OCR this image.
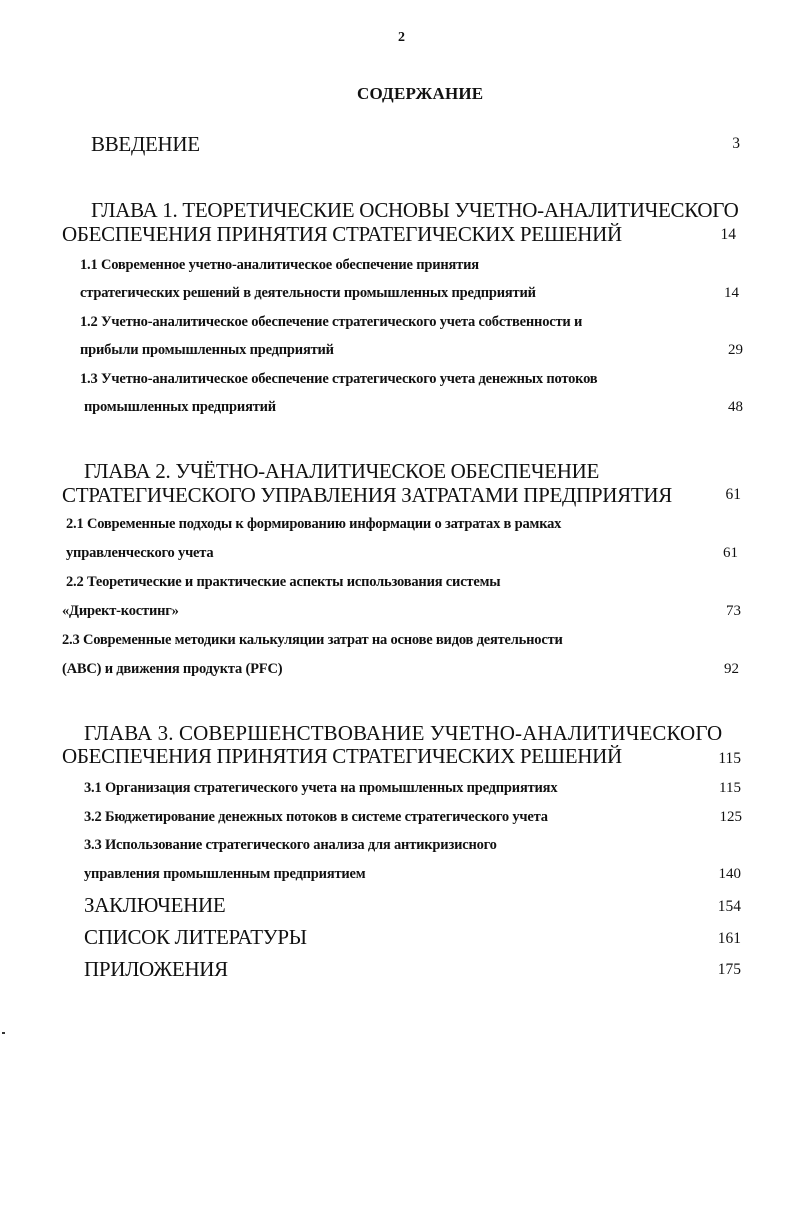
2
СОДЕРЖАНИЕ
ВВЕДЕНИЕ	3
ГЛАВА 1. ТЕОРЕТИЧЕСКИЕ ОСНОВЫ УЧЕТНО-АНАЛИТИЧЕСКОГО
ОБЕСПЕЧЕНИЯ ПРИНЯТИЯ СТРАТЕГИЧЕСКИХ РЕШЕНИЙ	14
1.1 Современное учетно-аналитическое обеспечение принятия
стратегических решений в деятельности промышленных предприятий	14
1.2 Учетно-аналитическое обеспечение стратегического учета собственности и
прибыли промышленных предприятий	29
1.3 Учетно-аналитическое обеспечение стратегического учета денежных потоков
промышленных предприятий	48
ГЛАВА 2. УЧЁТНО-АНАЛИТИЧЕСКОЕ ОБЕСПЕЧЕНИЕ
СТРАТЕГИЧЕСКОГО УПРАВЛЕНИЯ ЗАТРАТАМИ ПРЕДПРИЯТИЯ	61
2.1 Современные подходы к формированию информации о затратах в рамках
управленческого учета	61
2.2 Теоретические и практические аспекты использования системы
«Директ-костинг»	73
2.3 Современные методики калькуляции затрат на основе видов деятельности
(АВС) и движения продукта (PFC)	92
ГЛАВА 3. СОВЕРШЕНСТВОВАНИЕ УЧЕТНО-АНАЛИТИЧЕСКОГО
ОБЕСПЕЧЕНИЯ ПРИНЯТИЯ СТРАТЕГИЧЕСКИХ РЕШЕНИЙ	115
3.1 Организация стратегического учета на промышленных предприятиях	115
3.2 Бюджетирование денежных потоков в системе стратегического учета	125
3.3 Использование стратегического анализа для антикризисного
управления промышленным предприятием	140
ЗАКЛЮЧЕНИЕ	154
СПИСОК ЛИТЕРАТУРЫ	161
ПРИЛОЖЕНИЯ	175
